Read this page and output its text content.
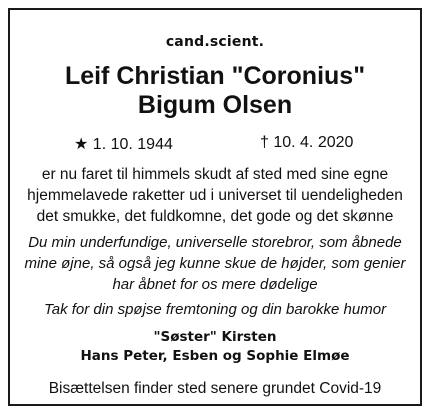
cand.scient.
Leif Christian "Coronius"
Bigum Olsen
★ 1. 10. 1944	† 10. 4. 2020
er nu faret til himmels skudt af sted med sine egne
hjemmelavede raketter ud i universet til uendeligheden
det smukke, det fuldkomne, det gode og det skønne
Du min underfundige, universelle storebror, som åbnede
mine øjne, så også jeg kunne skue de højder, som genier
har åbnet for os mere dødelige
Tak for din spøjse fremtoning og din barokke humor
"Søster" Kirsten
Hans Peter, Esben og Sophie Elmøe
Bisættelsen finder sted senere grundet Covid-19
